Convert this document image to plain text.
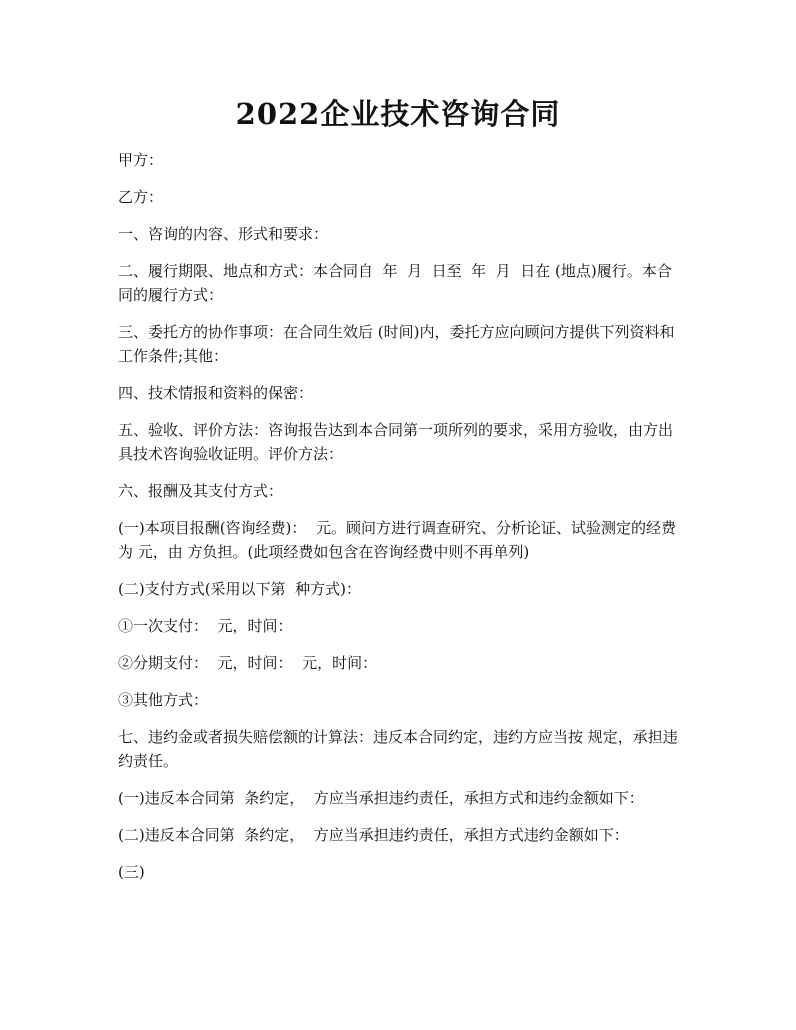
2022企业技术咨询合同

甲方：

乙方：

一、咨询的内容、形式和要求：

二、履行期限、地点和方式：本合同自  年  月  日至  年  月  日在 (地点)履行。本合同的履行方式：

三、委托方的协作事项：在合同生效后 (时间)内，委托方应向顾问方提供下列资料和工作条件;其他：

四、技术情报和资料的保密：

五、验收、评价方法：咨询报告达到本合同第一项所列的要求，采用方验收，由方出具技术咨询验收证明。评价方法：

六、报酬及其支付方式：

(一)本项目报酬(咨询经费)：  元。顾问方进行调查研究、分析论证、试验测定的经费为 元，由 方负担。(此项经费如包含在咨询经费中则不再单列)

(二)支付方式(采用以下第  种方式)：

①一次支付：  元，时间：

②分期支付：  元，时间：  元，时间：

③其他方式：

七、违约金或者损失赔偿额的计算法：违反本合同约定，违约方应当按 规定，承担违约责任。

(一)违反本合同第  条约定，  方应当承担违约责任，承担方式和违约金额如下：

(二)违反本合同第  条约定，  方应当承担违约责任，承担方式违约金额如下：

(三)
